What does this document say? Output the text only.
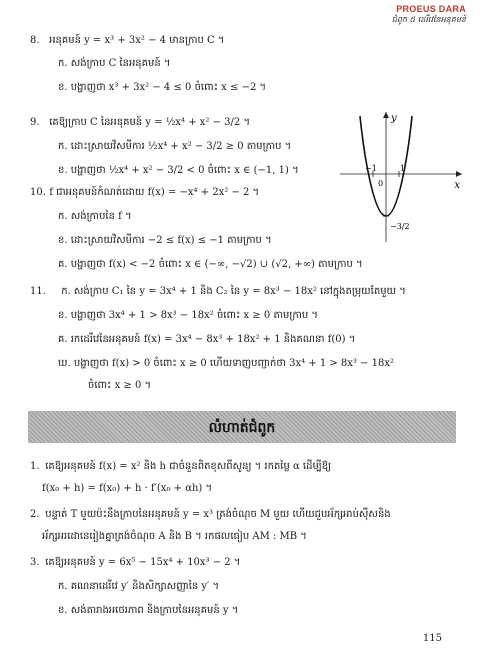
PROEUS DARA
ជំពូក ៥ ដេរីវេនៃអនុគមន៍
8. អនុគមន៍ y = x³ + 3x² − 4 មានក្រាប C ។
ក. សង់ក្រាប C នៃអនុគមន៍ ។
ខ. បង្ហាញថា x³ + 3x² − 4 ≤ 0 ចំពោះ x ≤ −2 ។
9. គេឱ្យក្រាប C នៃអនុគមន៍ y = ½x⁴ + x² − 3/2 ។
ក. ដោះស្រាយវិសមីការ ½x⁴ + x² − 3/2 ≥ 0 តាមក្រាប ។
ខ. បង្ហាញថា ½x⁴ + x² − 3/2 < 0 ចំពោះ x ∈ (−1, 1) ។
10. f ជាអនុគមន៍កំណត់ដោយ f(x) = −x⁴ + 2x² − 2 ។
ក. សង់ក្រាបនៃ f ។
ខ. ដោះស្រាយវិសមីការ −2 ≤ f(x) ≤ −1 តាមក្រាប ។
គ. បង្ហាញថា f(x) < −2 ចំពោះ x ∈ (−∞, −√2) ∪ (√2, +∞) តាមក្រាប ។
11. ក. សង់ក្រាប C₁ នៃ y = 3x⁴ + 1 និង C₂ នៃ y = 8x³ − 18x² នៅក្នុងតម្រុយតែមួយ ។
ខ. បង្ហាញថា 3x⁴ + 1 > 8x³ − 18x² ចំពោះ x ≥ 0 តាមក្រាប ។
គ. រកដេរីវេនៃអនុគមន៍ f(x) = 3x⁴ − 8x³ + 18x² + 1 និងគណនា f(0) ។
ឃ. បង្ហាញថា f(x) > 0 ចំពោះ x ≥ 0 ហើយទាញបញ្ជាក់ថា 3x⁴ + 1 > 8x³ − 18x²
ចំពោះ x ≥ 0 ។
x
y
−1	1
0
−3/2
លំហាត់ជំពូក
1. គេឱ្យអនុគមន៍ f(x) = x² និង h ជាចំនួនពិតខុសពីសូន្យ ។ រកតម្លៃ α ដើម្បីឱ្យ
f(x₀ + h) = f(x₀) + h · f′(x₀ + αh) ។
2. បន្ទាត់ T មួយប៉ះនឹងក្រាបនៃអនុគមន៍ y = x³ ត្រង់ចំណុច M មួយ ហើយជួបអ័ក្សអាប់ស៊ីសនិង
អ័ក្សអរដោនេរៀងគ្នាត្រង់ចំណុច A និង B ។ រកផលធៀប AM : MB ។
3. គេឱ្យអនុគមន៍ y = 6x⁵ − 15x⁴ + 10x³ − 2 ។
ក. គណនាដេរីវេ y′ និងសិក្សាសញ្ញានៃ y′ ។
ខ. សង់តារាងអថេរភាព និងក្រាបនៃអនុគមន៍ y ។
115
